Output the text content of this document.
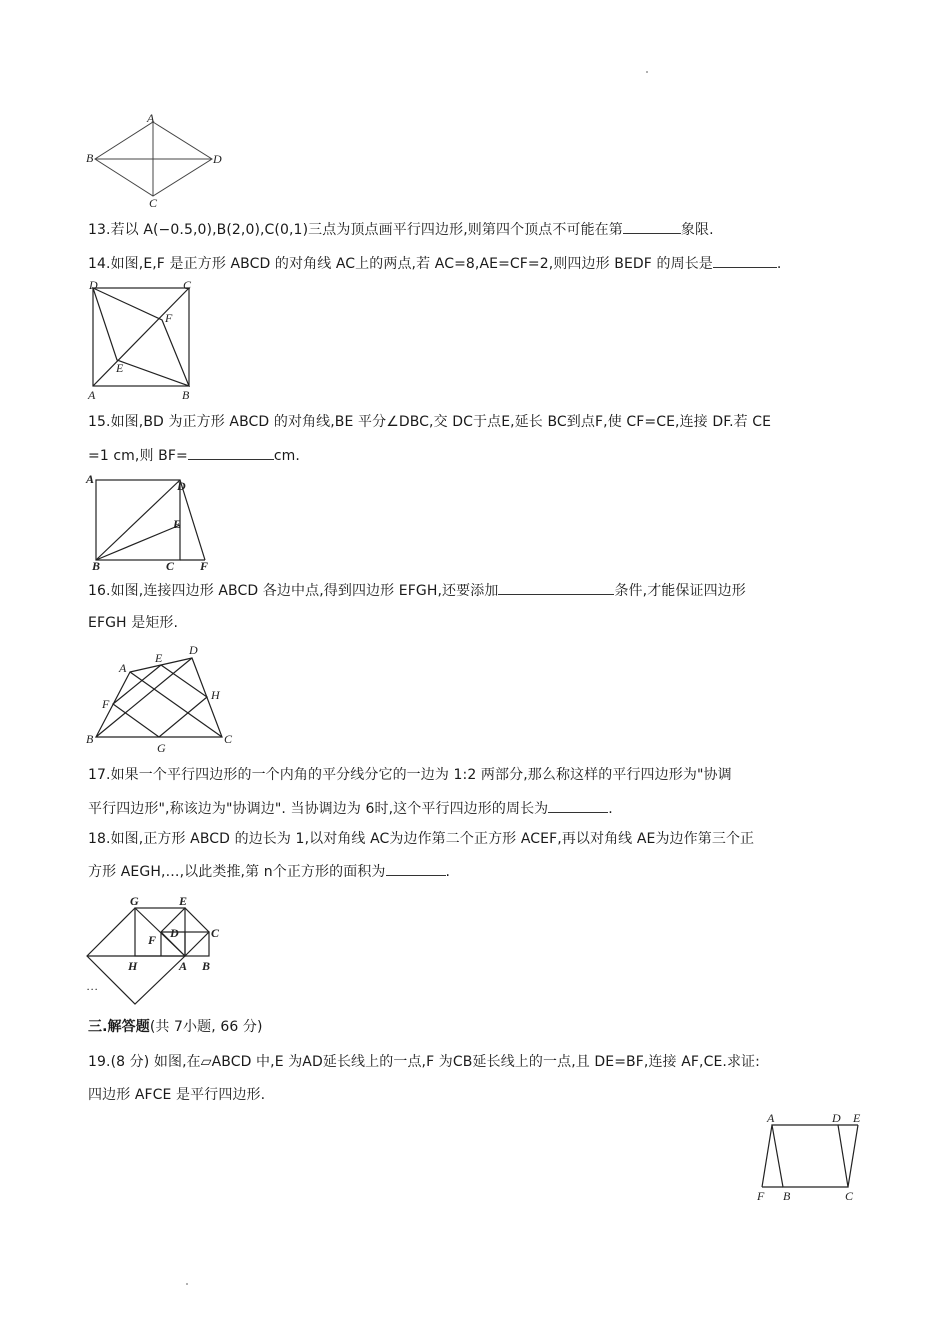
A
B
C
D
13.若以 A(−0.5,0),B(2,0),C(0,1)三点为顶点画平行四边形,则第四个顶点不可能在第	象限.
14.如图,E,F 是正方形 ABCD 的对角线 AC上的两点,若 AC=8,AE=CF=2,则四边形 BEDF 的周长是	.
D	C
F
E
A	B
15.如图,BD 为正方形 ABCD 的对角线,BE 平分∠DBC,交 DC于点E,延长 BC到点F,使 CF=CE,连接 DF.若 CE
=1 cm,则 BF=	cm.
A	D
E
B	C F
16.如图,连接四边形 ABCD 各边中点,得到四边形 EFGH,还要添加	条件,才能保证四边形
EFGH 是矩形.
A
E
D
F
H
B
G
C
17.如果一个平行四边形的一个内角的平分线分它的一边为 1:2 两部分,那么称这样的平行四边形为"协调
平行四边形",称该边为"协调边". 当协调边为 6时,这个平行四边形的周长为	.
18.如图,正方形 ABCD 的边长为 1,以对角线 AC为边作第二个正方形 ACEF,再以对角线 AE为边作第三个正
方形 AEGH,…,以此类推,第 n个正方形的面积为	.
G	E
D	C
F
H	A B
…
三.解答题(共 7小题, 66 分)
19.(8 分) 如图,在▱ABCD 中,E 为AD延长线上的一点,F 为CB延长线上的一点,且 DE=BF,连接 AF,CE.求证:
四边形 AFCE 是平行四边形.
A	D E
F B	C
